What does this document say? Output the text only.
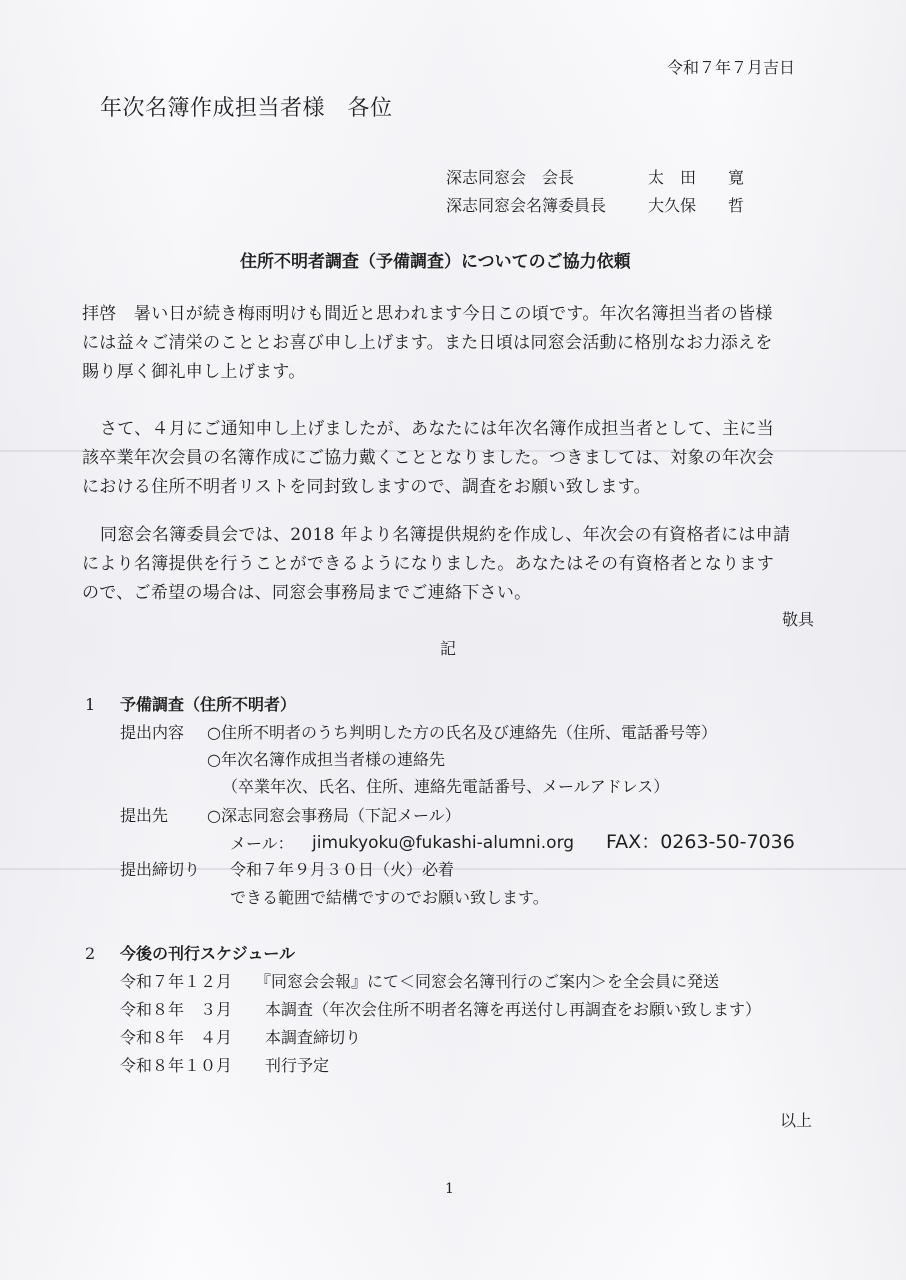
令和７年７月吉日
年次名簿作成担当者様　各位
深志同窓会　会長	太　田　　寛
深志同窓会名簿委員長	大久保　　哲
住所不明者調査（予備調査）についてのご協力依頼
拝啓　暑い日が続き梅雨明けも間近と思われます今日この頃です。年次名簿担当者の皆様
には益々ご清栄のこととお喜び申し上げます。また日頃は同窓会活動に格別なお力添えを
賜り厚く御礼申し上げます。
さて、４月にご通知申し上げましたが、あなたには年次名簿作成担当者として、主に当
該卒業年次会員の名簿作成にご協力戴くこととなりました。つきましては、対象の年次会
における住所不明者リストを同封致しますので、調査をお願い致します。
同窓会名簿委員会では、2018 年より名簿提供規約を作成し、年次会の有資格者には申請
により名簿提供を行うことができるようになりました。あなたはその有資格者となります
ので、ご希望の場合は、同窓会事務局までご連絡下さい。
敬具
記
1 予備調査（住所不明者）
提出内容 ○住所不明者のうち判明した方の氏名及び連絡先（住所、電話番号等）
○年次名簿作成担当者様の連絡先
（卒業年次、氏名、住所、連絡先電話番号、メールアドレス）
提出先 ○深志同窓会事務局（下記メール）
メール： jimukyoku@fukashi-alumni.org FAX：0263-50-7036
提出締切り 令和７年９月３０日（火）必着
できる範囲で結構ですのでお願い致します。
2 今後の刊行スケジュール
令和７年１２月 『同窓会会報』にて＜同窓会名簿刊行のご案内＞を全会員に発送
令和８年　３月 本調査（年次会住所不明者名簿を再送付し再調査をお願い致します）
令和８年　４月 本調査締切り
令和８年１０月 刊行予定
以上
1
